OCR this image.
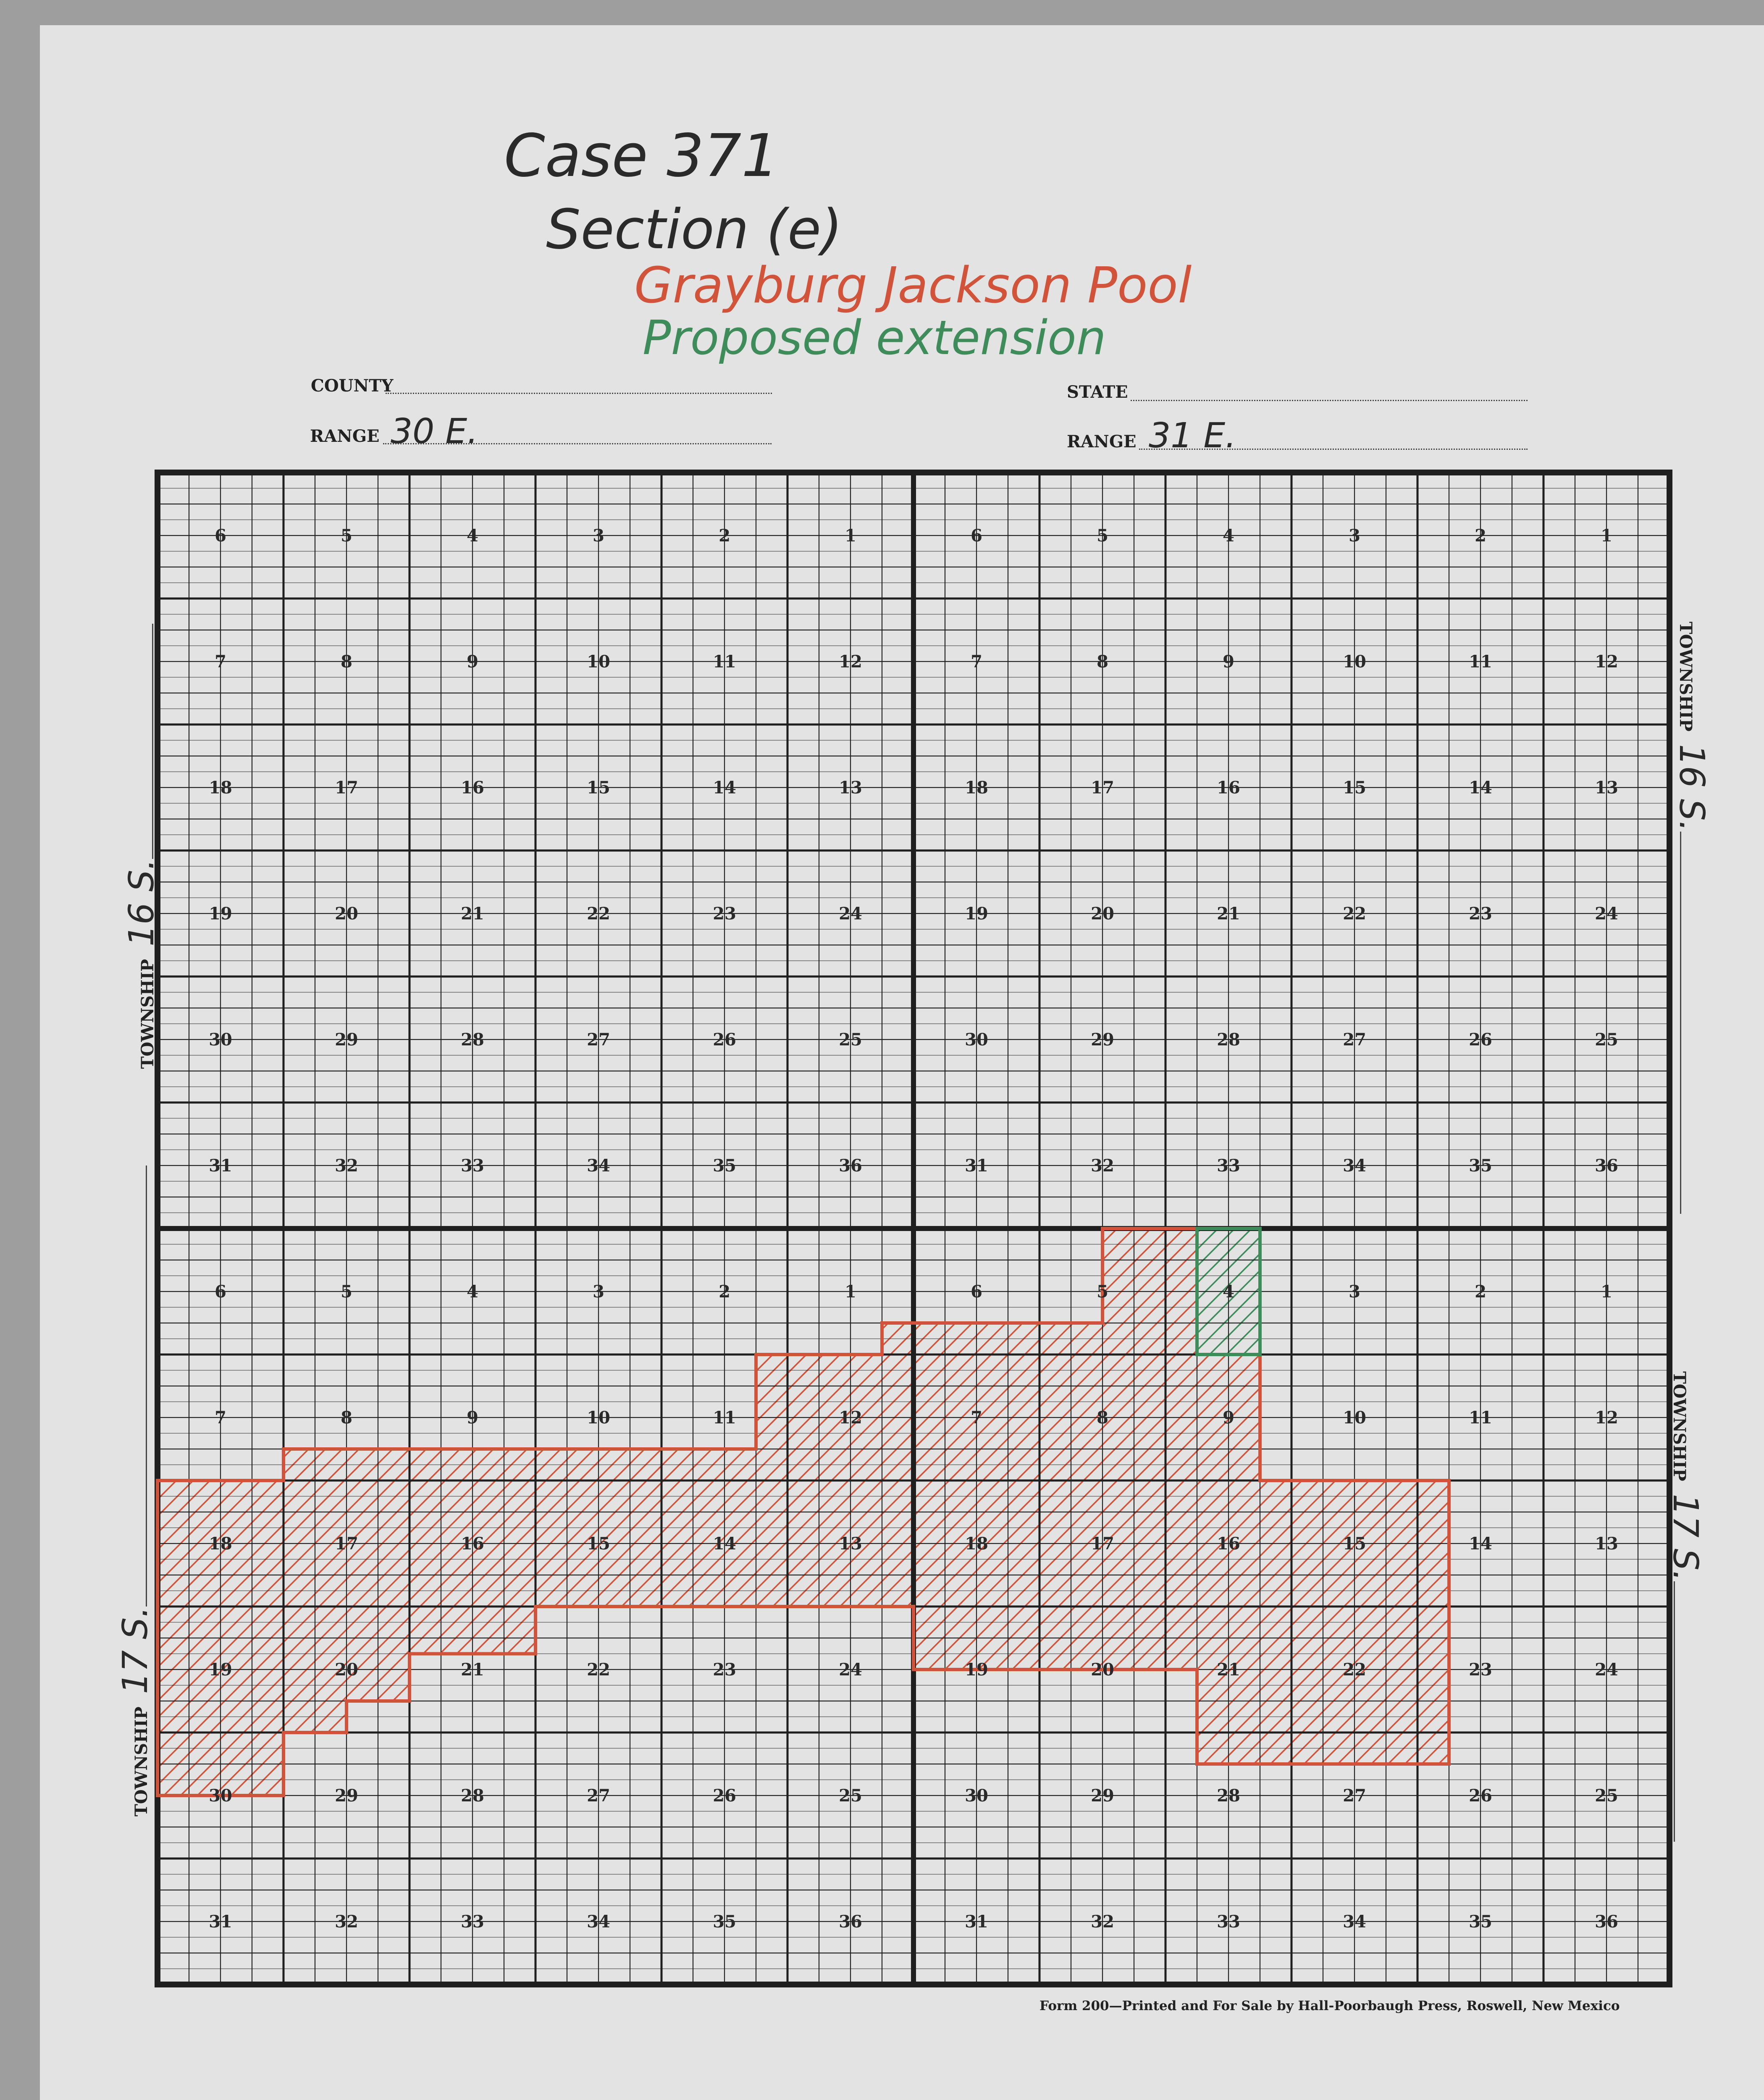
Case 371
Section (e)
Grayburg Jackson Pool
Proposed extension
COUNTY	STATE
RANGE 30 E.	RANGE 31 E.
TOWNSHIP16 S.
TOWNSHIP17 S.
TOWNSHIP16 S.
TOWNSHIP17 S.
6	5	4	3	2	1
7	8	9	10	11	12
18	17	16	15	14	13
19	20	21	22	23	24
30	29	28	27	26	25
31	32	33	34	35	36
6	5	4	3	2	1
7	8	9	10	11	12
18	17	16	15	14	13
19	20	21	22	23	24
30	29	28	27	26	25
31	32	33	34	35	36
6	5	4	3	2	1
7	8	9	10	11	12
18	17	16	15	14	13
19	20	21	22	23	24
30	29	28	27	26	25
31	32	33	34	35	36
6	5	4	3	2	1
7	8	9	10	11	12
18	17	16	15	14	13
19	20	21	22	23	24
30	29	28	27	26	25
31	32	33	34	35	36
Form 200—Printed and For Sale by Hall-Poorbaugh Press, Roswell, New Mexico
